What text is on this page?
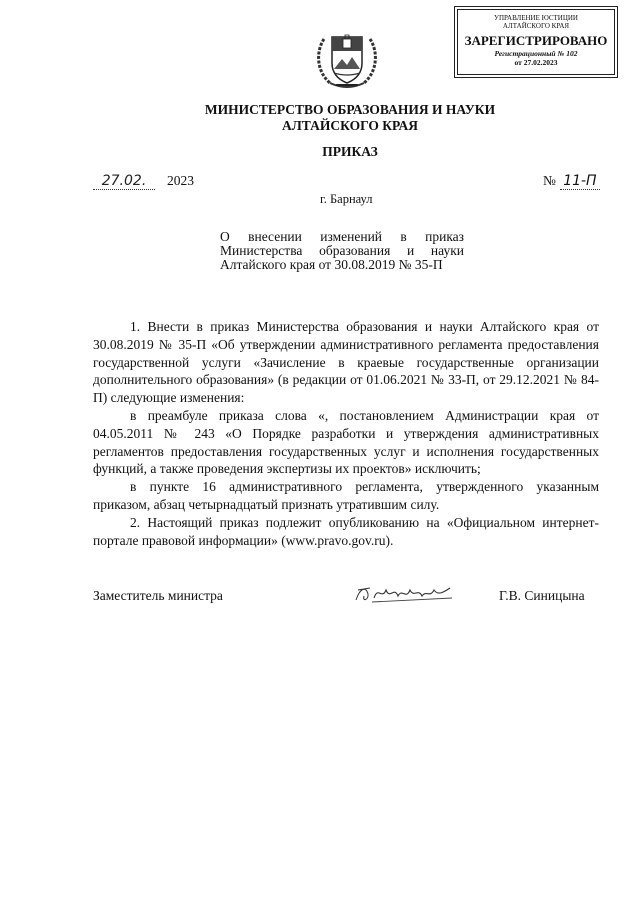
УПРАВЛЕНИЕ ЮСТИЦИИ
АЛТАЙСКОГО КРАЯ
ЗАРЕГИСТРИРОВАНО
Регистрационный № 102
от 27.02.2023
МИНИСТЕРСТВО ОБРАЗОВАНИЯ И НАУКИ
АЛТАЙСКОГО КРАЯ
ПРИКАЗ
27.02. 2023	№ 11-П
г. Барнаул
О внесении изменений в приказ Министерства образования и науки Алтайского края от 30.08.2019 № 35-П

1. Внести в приказ Министерства образования и науки Алтайского края от 30.08.2019 № 35-П «Об утверждении административного регламента предоставления государственной услуги «Зачисление в краевые государственные организации дополнительного образования» (в редакции от 01.06.2021 № 33-П, от 29.12.2021 № 84-П) следующие изменения:

в преамбуле приказа слова «, постановлением Администрации края от 04.05.2011 № 243 «О Порядке разработки и утверждения административных регламентов предоставления государственных услуг и исполнения государственных функций, а также проведения экспертизы их проектов» исключить;

в пункте 16 административного регламента, утвержденного указанным приказом, абзац четырнадцатый признать утратившим силу.

2. Настоящий приказ подлежит опубликованию на «Официальном интернет-портале правовой информации» (www.pravo.gov.ru).

Заместитель министра	Г.В. Синицына
